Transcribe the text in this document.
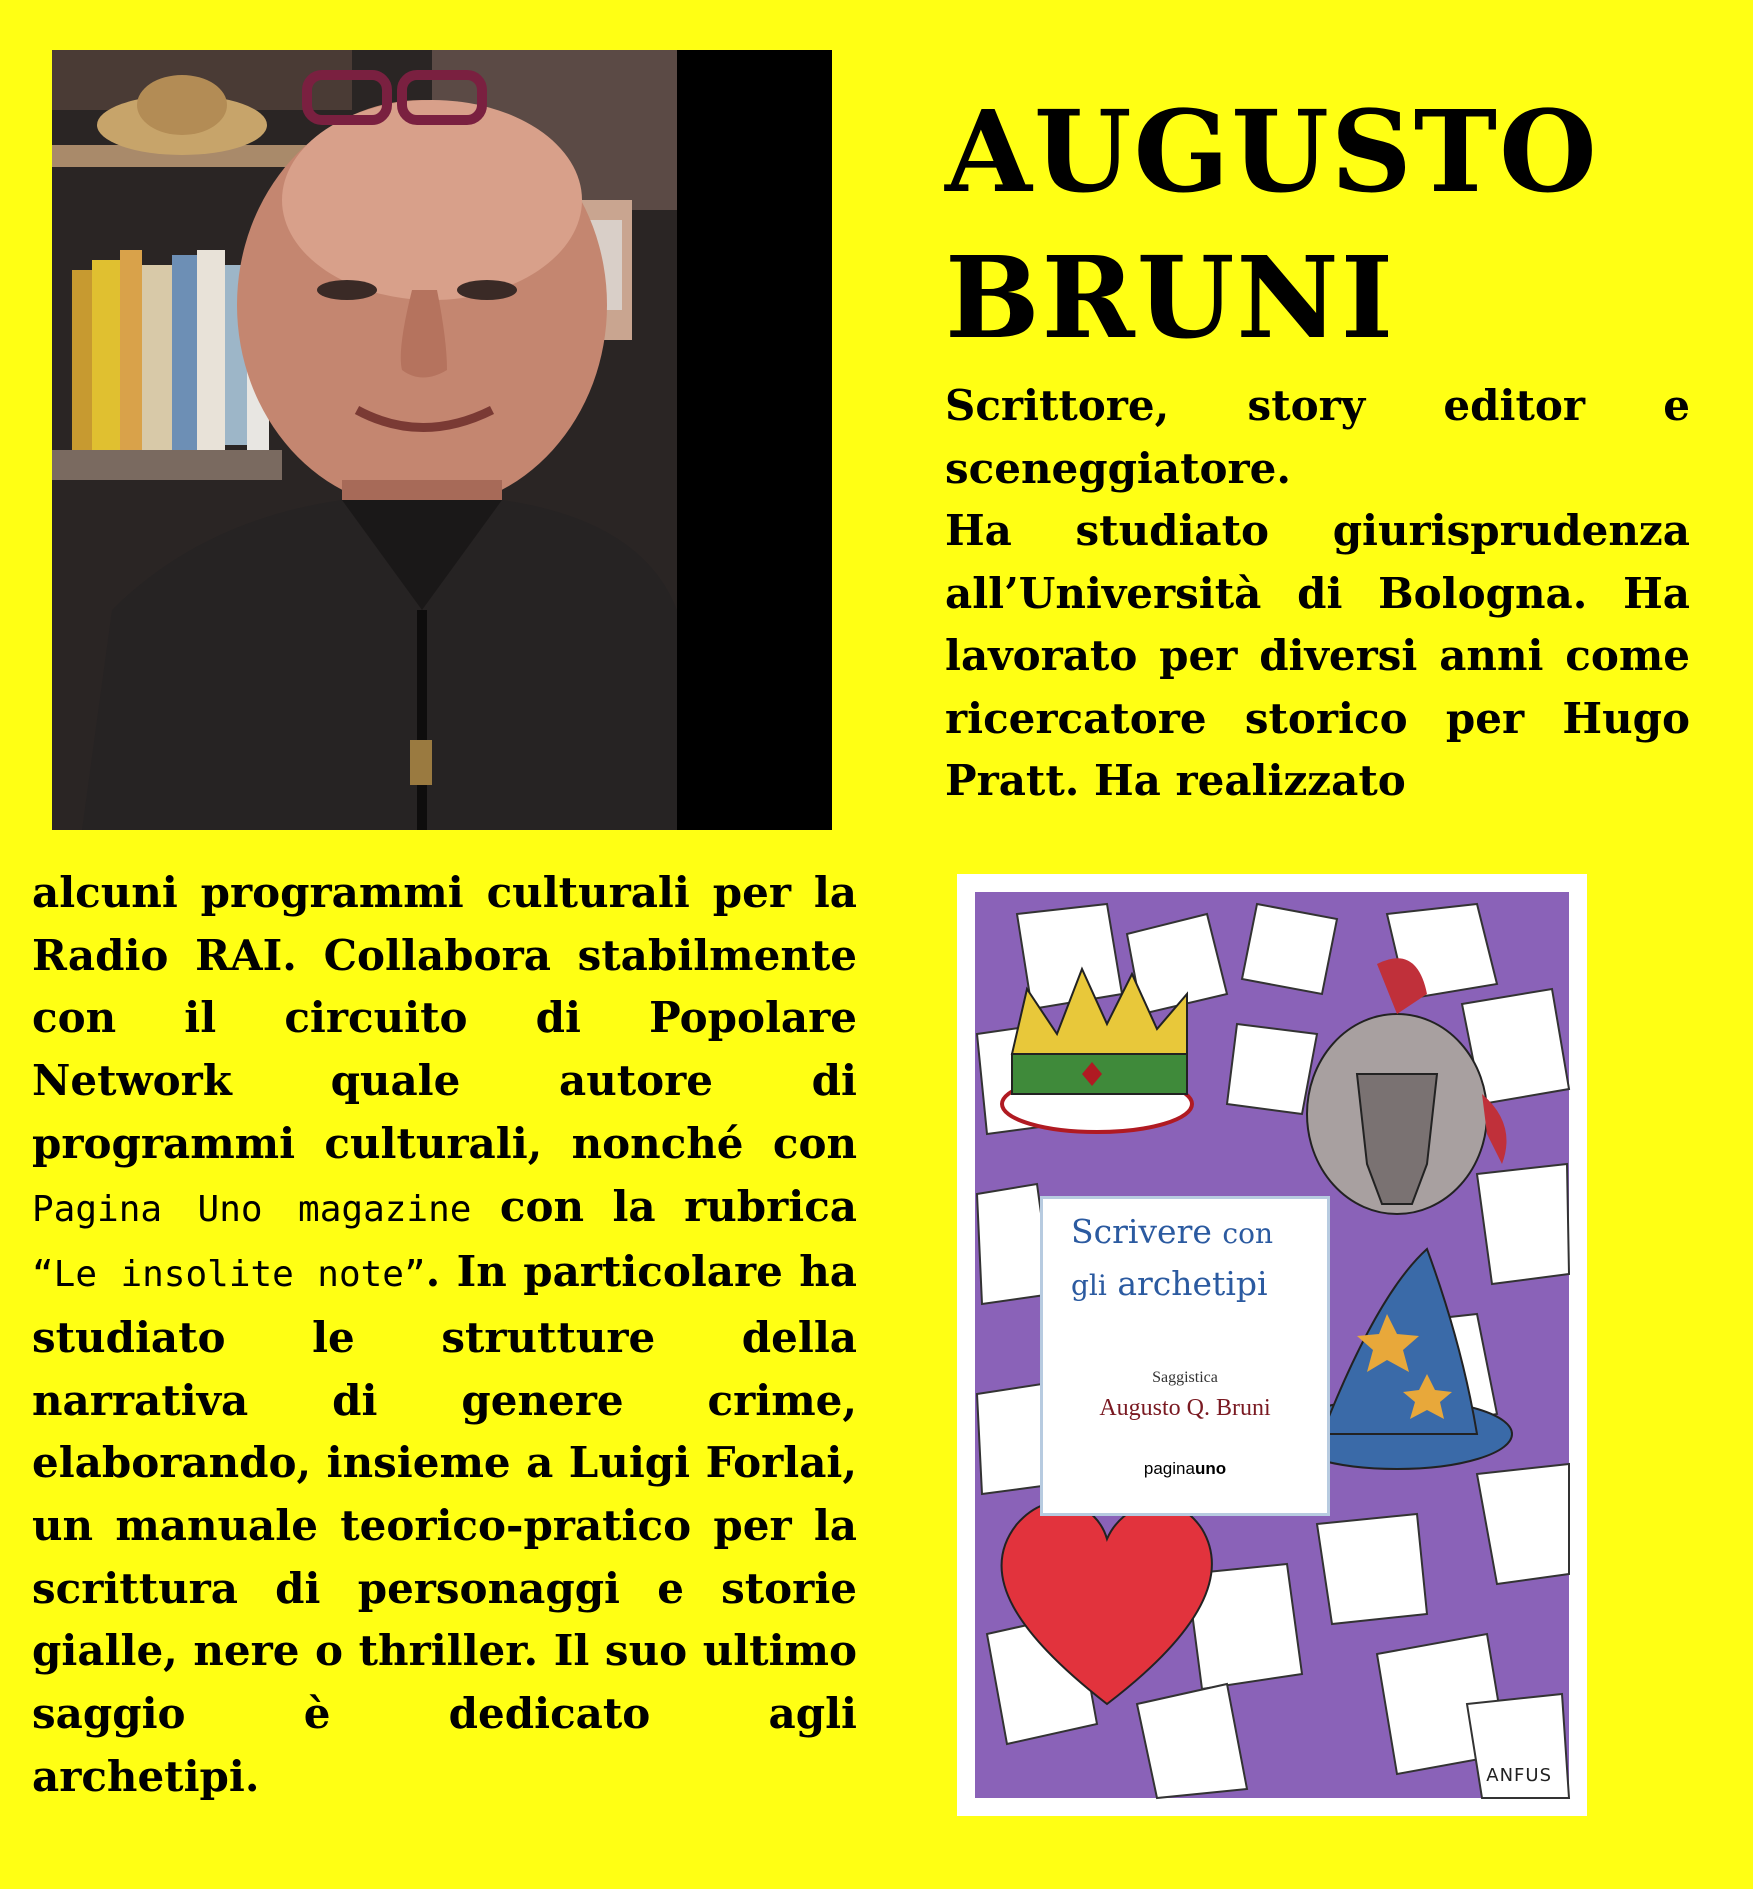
AUGUSTO
BRUNI

Scrittore, story editor e sceneggiatore.

Ha studiato giurisprudenza all’Università di Bologna. Ha lavorato per diversi anni come ricercatore storico per Hugo Pratt. Ha realizzato

alcuni programmi culturali per la Radio RAI. Collabora stabilmente con il circuito di Popolare Network quale autore di programmi culturali, nonché con Pagina Uno magazine con la rubrica “Le insolite note”. In particolare ha studiato le strutture della narrativa di genere crime, elaborando, insieme a Luigi Forlai, un manuale teorico-pratico per la scrittura di personaggi e storie gialle, nere o thriller. Il suo ultimo saggio è dedicato agli
archetipi.
Scrivere con
gli archetipi
Saggistica
Augusto Q. Bruni
paginauno
ANFUS
